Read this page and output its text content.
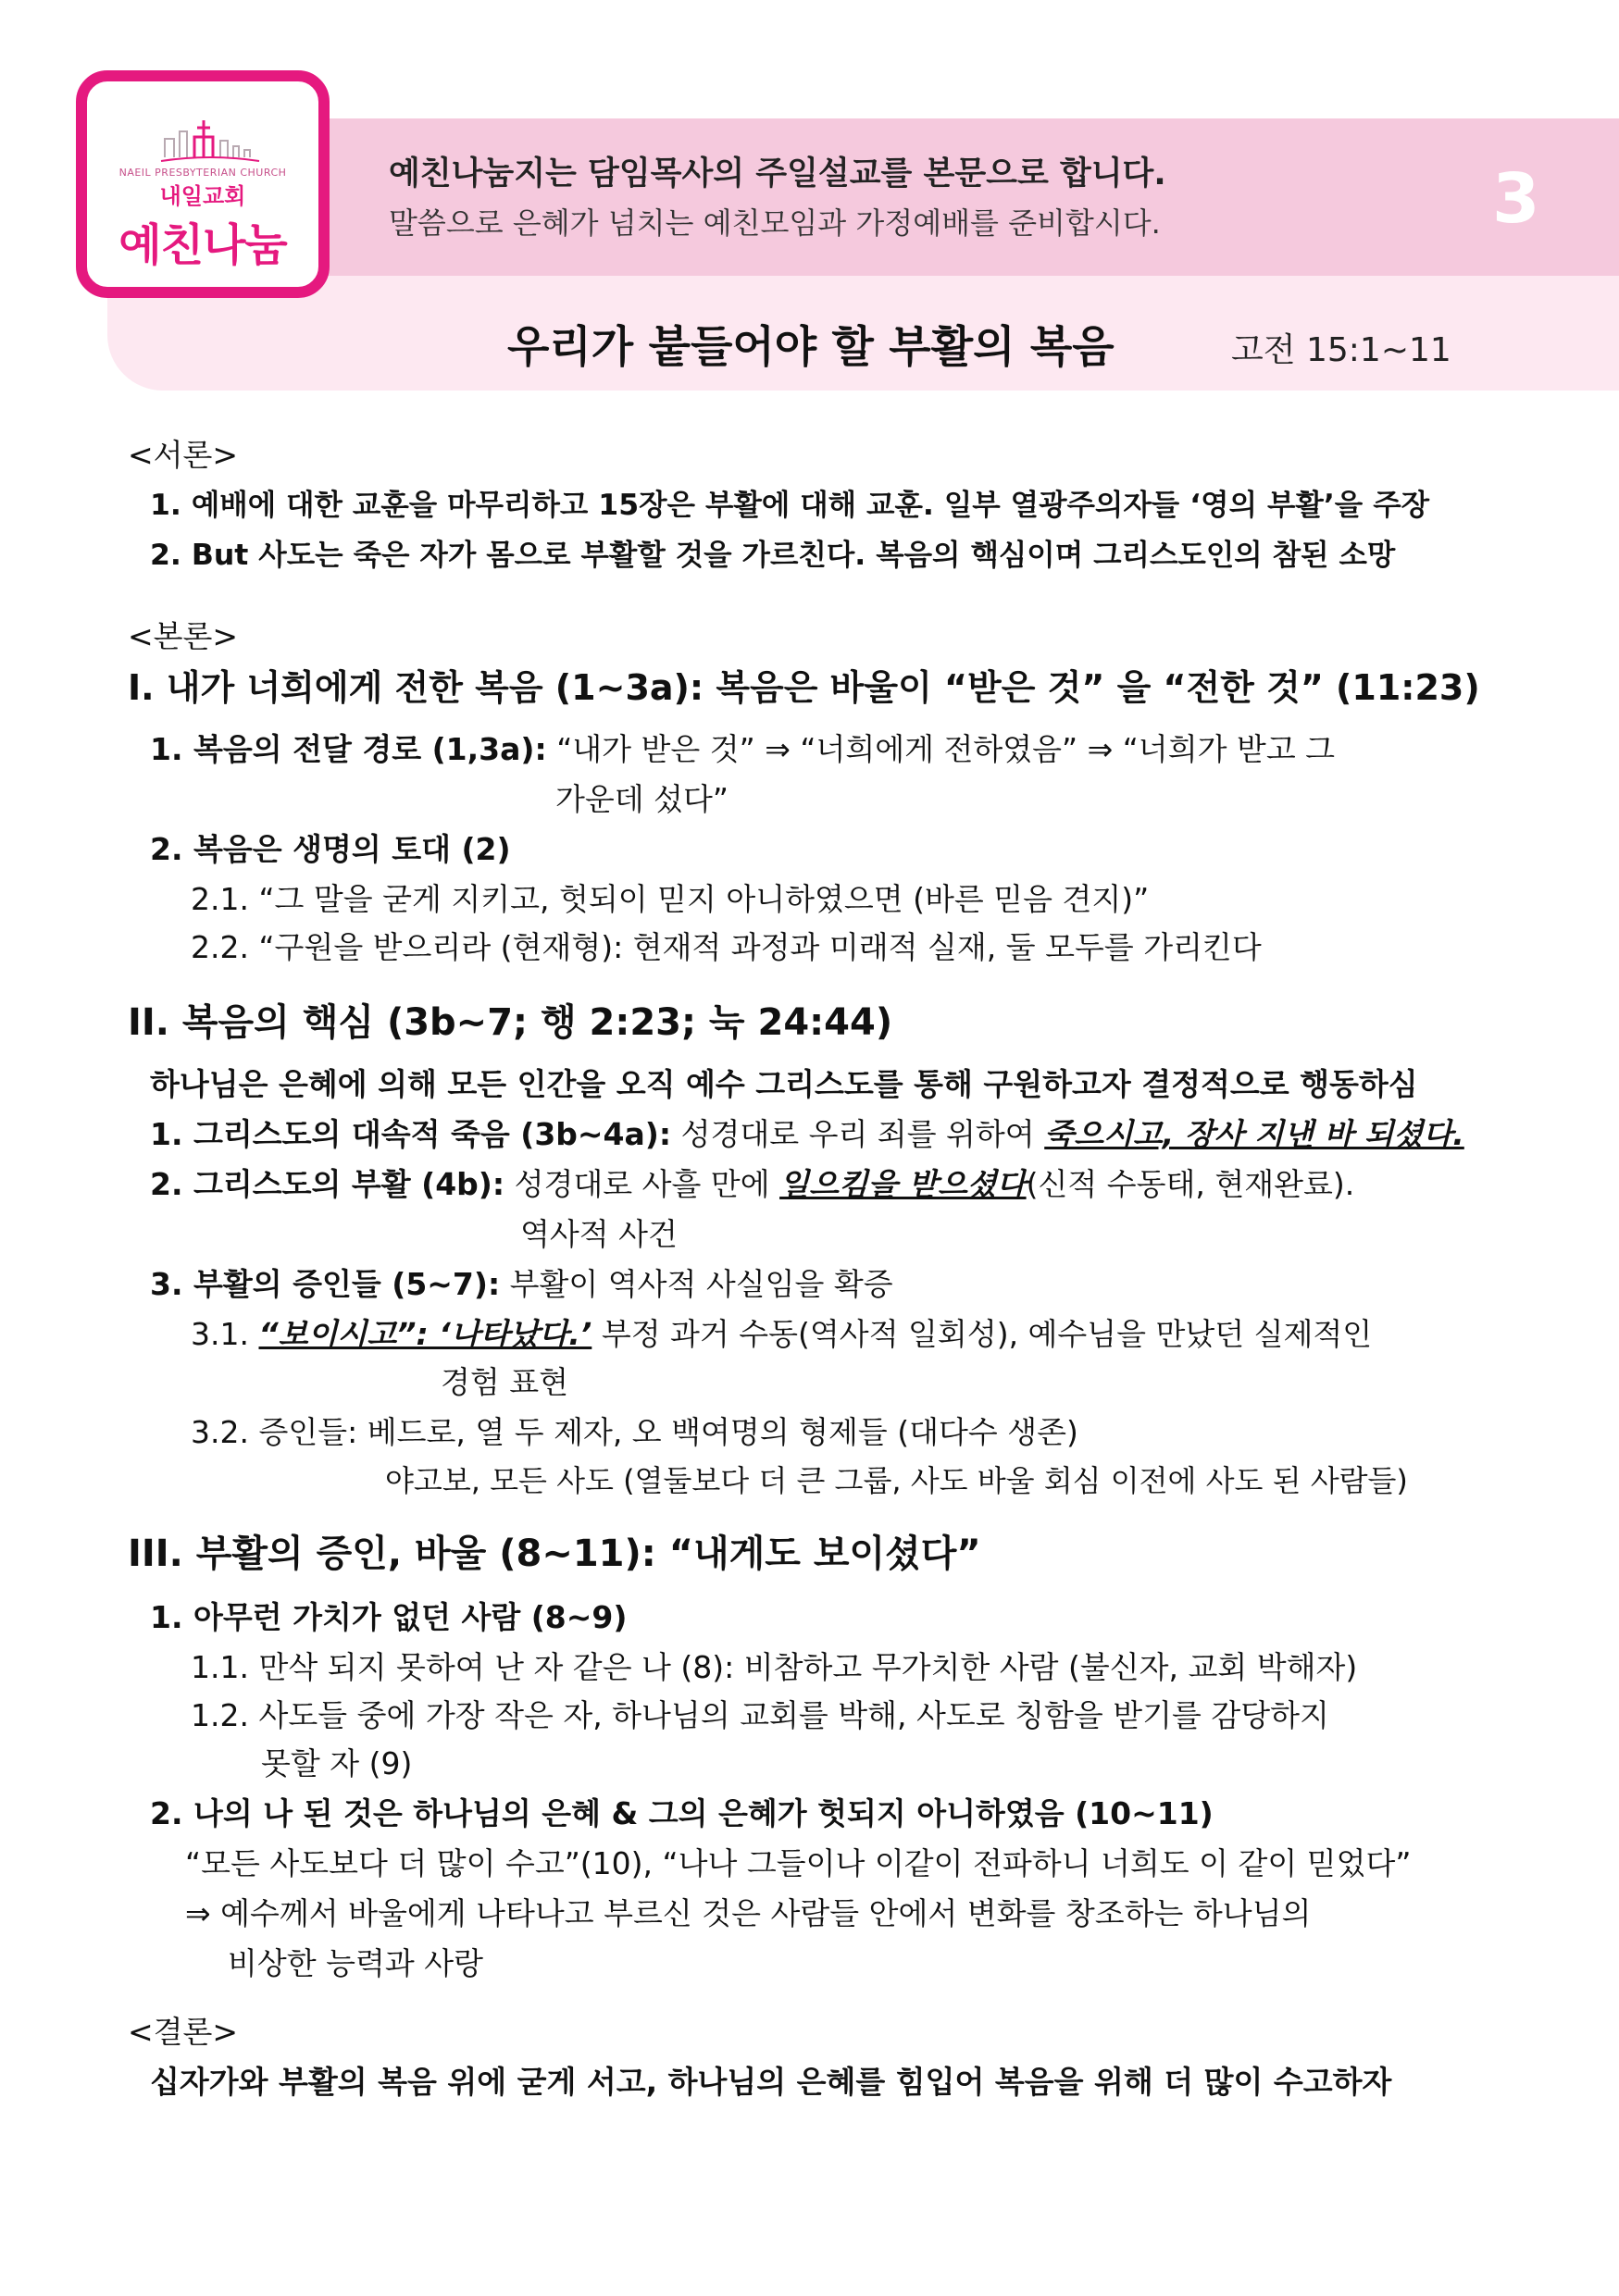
NAEIL PRESBYTERIAN CHURCH
내일교회
예친나눔
예친나눔지는 담임목사의 주일설교를 본문으로 합니다.
말씀으로 은혜가 넘치는 예친모임과 가정예배를 준비합시다.	3
우리가 붙들어야 할 부활의 복음	고전 15:1~11
<서론>
1. 예배에 대한 교훈을 마무리하고 15장은 부활에 대해 교훈. 일부 열광주의자들 ‘영의 부활’을 주장
2. But 사도는 죽은 자가 몸으로 부활할 것을 가르친다. 복음의 핵심이며 그리스도인의 참된 소망
<본론>
I. 내가 너희에게 전한 복음 (1~3a): 복음은 바울이 “받은 것” 을 “전한 것” (11:23)
1. 복음의 전달 경로 (1,3a): “내가 받은 것” ⇒ “너희에게 전하였음” ⇒ “너희가 받고 그
가운데 섰다”
2. 복음은 생명의 토대 (2)
2.1. “그 말을 굳게 지키고, 헛되이 믿지 아니하였으면 (바른 믿음 견지)”
2.2. “구원을 받으리라 (현재형): 현재적 과정과 미래적 실재, 둘 모두를 가리킨다
II. 복음의 핵심 (3b~7; 행 2:23; 눅 24:44)
하나님은 은혜에 의해 모든 인간을 오직 예수 그리스도를 통해 구원하고자 결정적으로 행동하심
1. 그리스도의 대속적 죽음 (3b~4a): 성경대로 우리 죄를 위하여 죽으시고, 장사 지낸 바 되셨다.
2. 그리스도의 부활 (4b): 성경대로 사흘 만에 일으킴을 받으셨다(신적 수동태, 현재완료).
역사적 사건
3. 부활의 증인들 (5~7): 부활이 역사적 사실임을 확증
3.1. “보이시고”: ‘나타났다.’ 부정 과거 수동(역사적 일회성), 예수님을 만났던 실제적인
경험 표현
3.2. 증인들: 베드로, 열 두 제자, 오 백여명의 형제들 (대다수 생존)
야고보, 모든 사도 (열둘보다 더 큰 그룹, 사도 바울 회심 이전에 사도 된 사람들)
III. 부활의 증인, 바울 (8~11): “내게도 보이셨다”
1. 아무런 가치가 없던 사람 (8~9)
1.1. 만삭 되지 못하여 난 자 같은 나 (8): 비참하고 무가치한 사람 (불신자, 교회 박해자)
1.2. 사도들 중에 가장 작은 자, 하나님의 교회를 박해, 사도로 칭함을 받기를 감당하지
못할 자 (9)
2. 나의 나 된 것은 하나님의 은혜 & 그의 은혜가 헛되지 아니하였음 (10~11)
“모든 사도보다 더 많이 수고”(10), “나나 그들이나 이같이 전파하니 너희도 이 같이 믿었다”
⇒ 예수께서 바울에게 나타나고 부르신 것은 사람들 안에서 변화를 창조하는 하나님의
비상한 능력과 사랑
<결론>
십자가와 부활의 복음 위에 굳게 서고, 하나님의 은혜를 힘입어 복음을 위해 더 많이 수고하자
